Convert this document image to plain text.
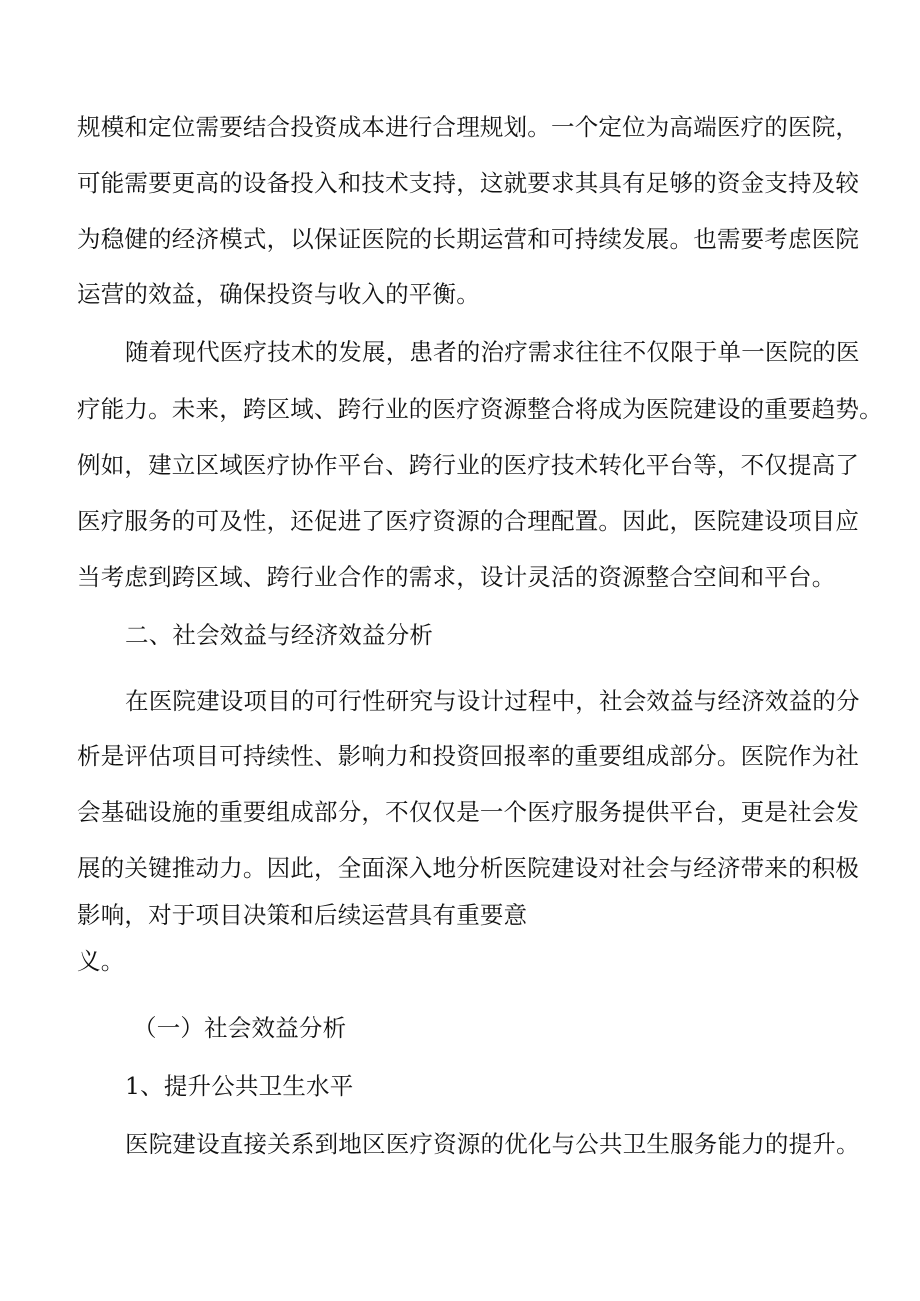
规模和定位需要结合投资成本进行合理规划。一个定位为高端医疗的医院，
可能需要更高的设备投入和技术支持，这就要求其具有足够的资金支持及较
为稳健的经济模式，以保证医院的长期运营和可持续发展。也需要考虑医院
运营的效益，确保投资与收入的平衡。
随着现代医疗技术的发展，患者的治疗需求往往不仅限于单一医院的医
疗能力。未来，跨区域、跨行业的医疗资源整合将成为医院建设的重要趋势。
例如，建立区域医疗协作平台、跨行业的医疗技术转化平台等，不仅提高了
医疗服务的可及性，还促进了医疗资源的合理配置。因此，医院建设项目应
当考虑到跨区域、跨行业合作的需求，设计灵活的资源整合空间和平台。
二、社会效益与经济效益分析
在医院建设项目的可行性研究与设计过程中，社会效益与经济效益的分
析是评估项目可持续性、影响力和投资回报率的重要组成部分。医院作为社
会基础设施的重要组成部分，不仅仅是一个医疗服务提供平台，更是社会发
展的关键推动力。因此，全面深入地分析医院建设对社会与经济带来的积极
影响，对于项目决策和后续运营具有重要意
义。
（一）社会效益分析
1、提升公共卫生水平
医院建设直接关系到地区医疗资源的优化与公共卫生服务能力的提升。
